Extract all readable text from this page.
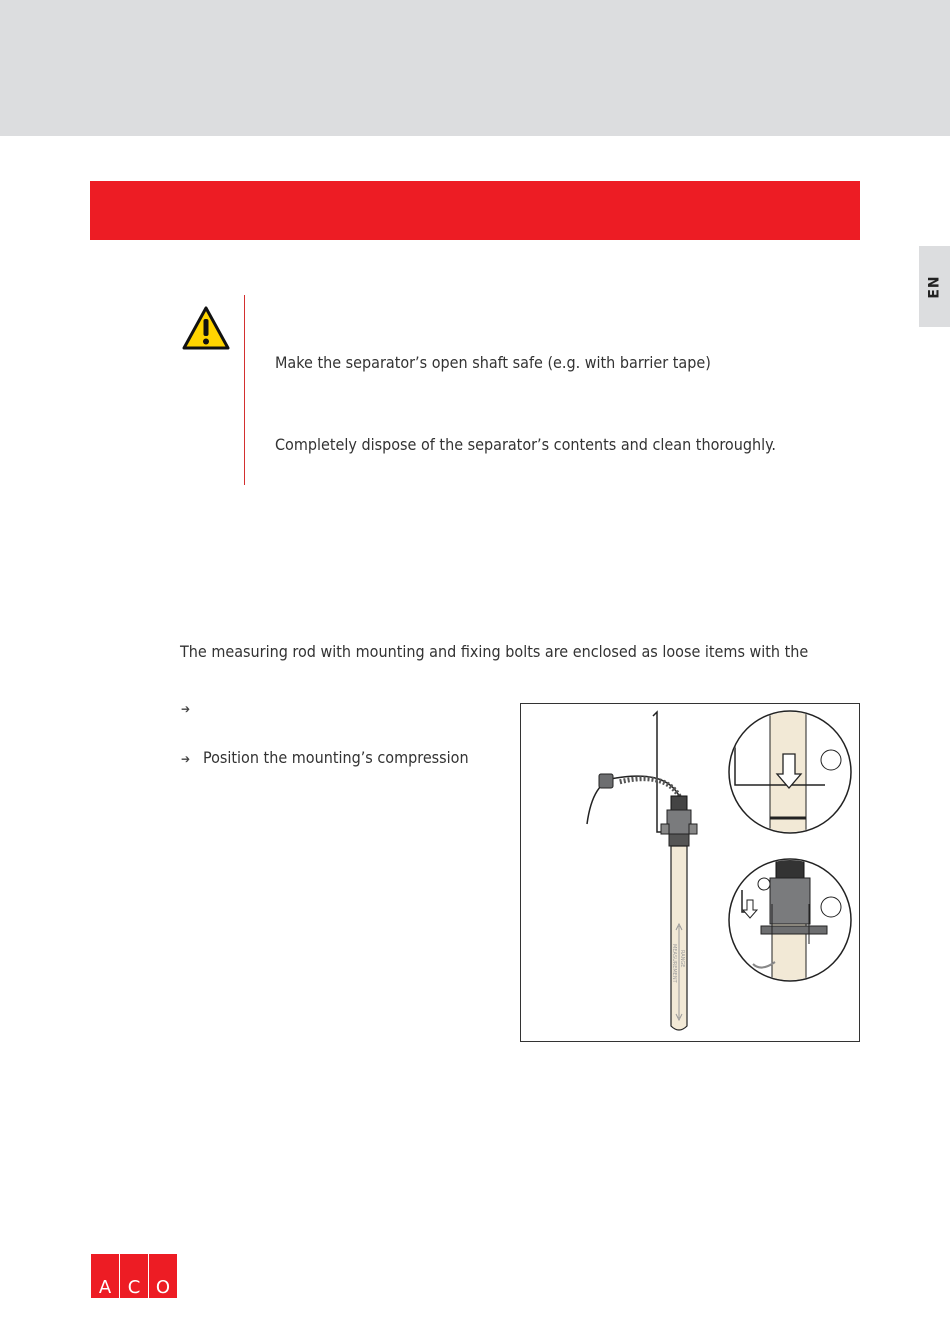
EN
Make the separator’s open shaft safe (e.g. with barrier tape)
Completely dispose of the separator’s contents and clean thoroughly.
The measuring rod with mounting and fixing bolts are enclosed as loose items with the
➔
➔ Position the mounting’s compression
MEASUREMENT RANGE
A C O
